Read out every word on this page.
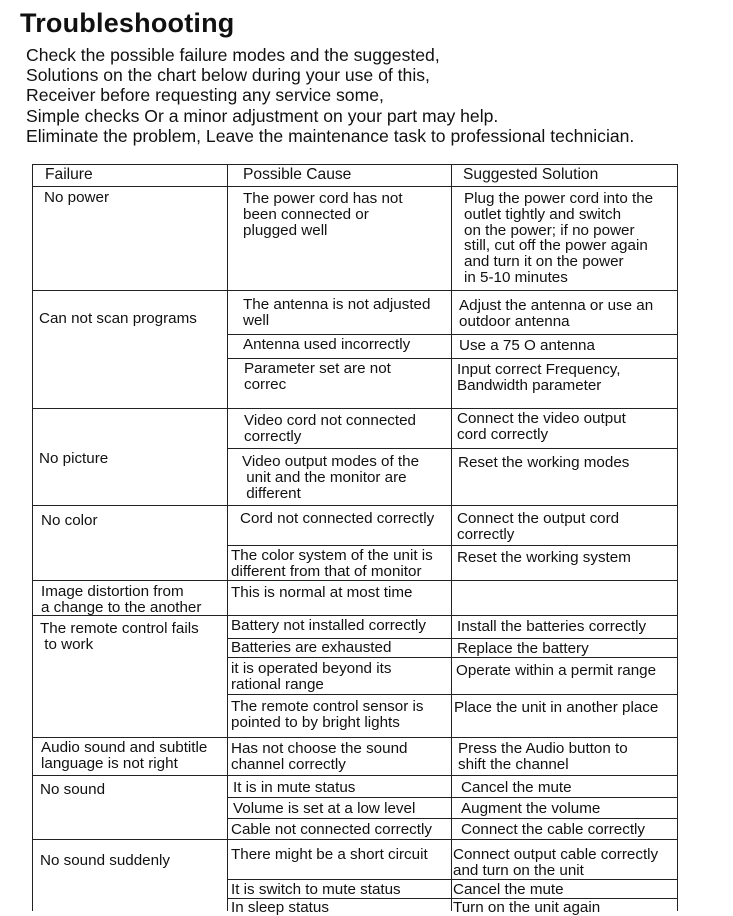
Troubleshooting
Check the possible failure modes and the suggested,
Solutions on the chart below during your use of this,
Receiver before requesting any service some,
Simple checks Or a minor adjustment on your part may help.
Eliminate the problem, Leave the maintenance task to professional technician.
Failure	Possible Cause	Suggested Solution
No power
Can not scan programs
No picture
No color
Image distortion from
a change to the another
The remote control fails
to work
Audio sound and subtitle
language is not right
No sound
No sound suddenly
The power cord has not
been connected or
plugged well
The antenna is not adjusted
well
Antenna used incorrectly
Parameter set are not
correc
Video cord not connected
correctly
Video output modes of the
unit and the monitor are
different
Cord not connected correctly
The color system of the unit is
different from that of monitor
This is normal at most time
Battery not installed correctly
Batteries are exhausted
it is operated beyond its
rational range
The remote control sensor is
pointed to by bright lights
Has not choose the sound
channel correctly
It is in mute status
Volume is set at a low level
Cable not connected correctly
There might be a short circuit
It is switch to mute status
In sleep status
Plug the power cord into the
outlet tightly and switch
on the power; if no power
still, cut off the power again
and turn it on the power
in 5-10 minutes
Adjust the antenna or use an
outdoor antenna
Use a 75 O antenna
Input correct Frequency,
Bandwidth parameter
Connect the video output
cord correctly
Reset the working modes
Connect the output cord
correctly
Reset the working system
Install the batteries correctly
Replace the battery
Operate within a permit range
Place the unit in another place
Press the Audio button to
shift the channel
Cancel the mute
Augment the volume
Connect the cable correctly
Connect output cable correctly
and turn on the unit
Cancel the mute
Turn on the unit again
